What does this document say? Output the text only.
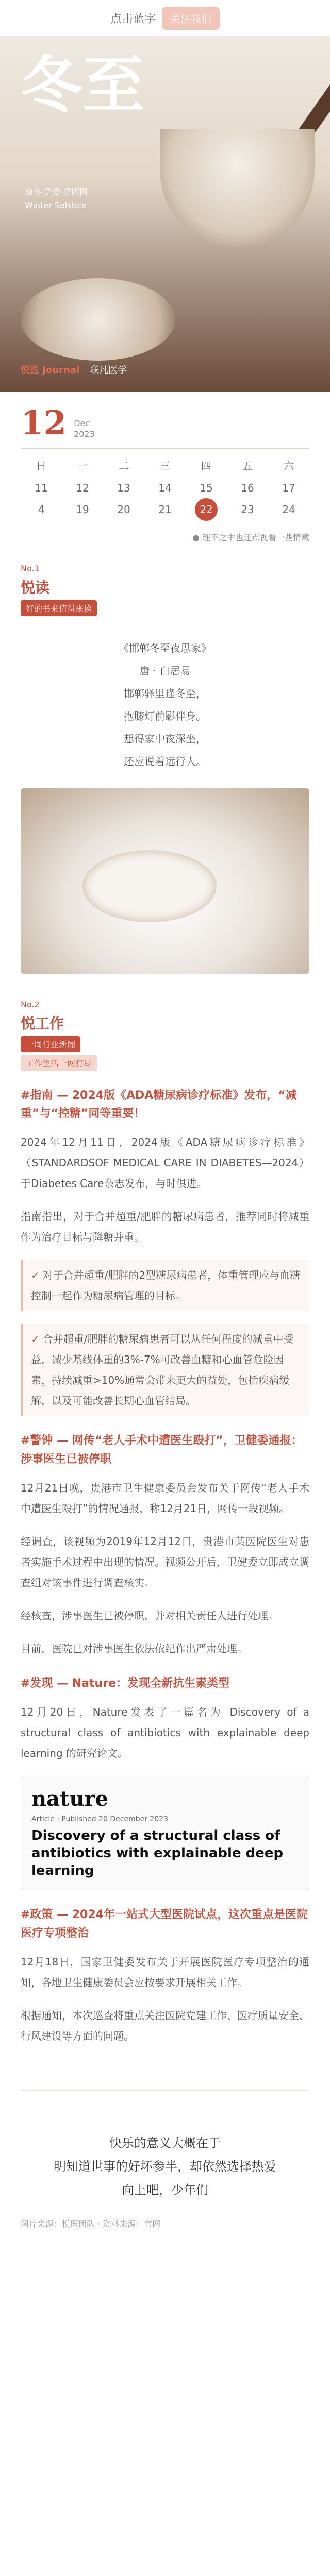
点击蓝字	关注我们
冬至
凛冬·是爱·是团圆
Winter Solstice
悦医 Journal 联凡医学
12 Dec
2023
日	一	二	三	四	五	六
11	12	13	14	15	16	17
4	19	20	21	22	23	24
● 理不之中也还点视看一些情藏
No.1
悦读
好的书来值得来读
《邯郸冬至夜思家》
唐 · 白居易
邯郸驿里逢冬至，
抱膝灯前影伴身。
想得家中夜深坐，
还应说着远行人。
No.2
悦工作
一周行业新闻
工作生活一网打尽
#指南 — 2024版《ADA糖尿病诊疗标准》发布，“减重”与“控糖”同等重要！
2024年12月11日，2024版《ADA糖尿病诊疗标准》（STANDARDSOF MEDICAL CARE IN DIABETES—2024）于Diabetes Care杂志发布，与时俱进。
指南指出，对于合并超重/肥胖的糖尿病患者，推荐同时将减重作为治疗目标与降糖并重。
✓ 对于合并超重/肥胖的2型糖尿病患者，体重管理应与血糖控制一起作为糖尿病管理的目标。
✓ 合并超重/肥胖的糖尿病患者可以从任何程度的减重中受益，减少基线体重的3%-7%可改善血糖和心血管危险因素，持续减重>10%通常会带来更大的益处，包括疾病缓解，以及可能改善长期心血管结局。
#警钟 — 网传“老人手术中遭医生殴打”，卫健委通报：涉事医生已被停职
12月21日晚，贵港市卫生健康委员会发布关于网传“老人手术中遭医生殴打”的情况通报，称12月21日，网传一段视频。
经调查，该视频为2019年12月12日，贵港市某医院医生对患者实施手术过程中出现的情况。视频公开后，卫健委立即成立调查组对该事件进行调查核实。
经核查，涉事医生已被停职，并对相关责任人进行处理。
目前，医院已对涉事医生依法依纪作出严肃处理。
#发现 — Nature：发现全新抗生素类型
12月20日，Nature发表了一篇名为 Discovery of a structural class of antibiotics with explainable deep learning 的研究论文。
nature
Article · Published 20 December 2023
Discovery of a structural class of antibiotics with explainable deep learning
#政策 — 2024年一站式大型医院试点，这次重点是医院医疗专项整治
12月18日，国家卫健委发布关于开展医院医疗专项整治的通知，各地卫生健康委员会应按要求开展相关工作。
根据通知，本次巡查将重点关注医院党建工作、医疗质量安全、行风建设等方面的问题。
快乐的意义大概在于
明知道世事的好坏参半，却依然选择热爱
向上吧，少年们
图片来源：悦医团队 · 资料来源：官网
